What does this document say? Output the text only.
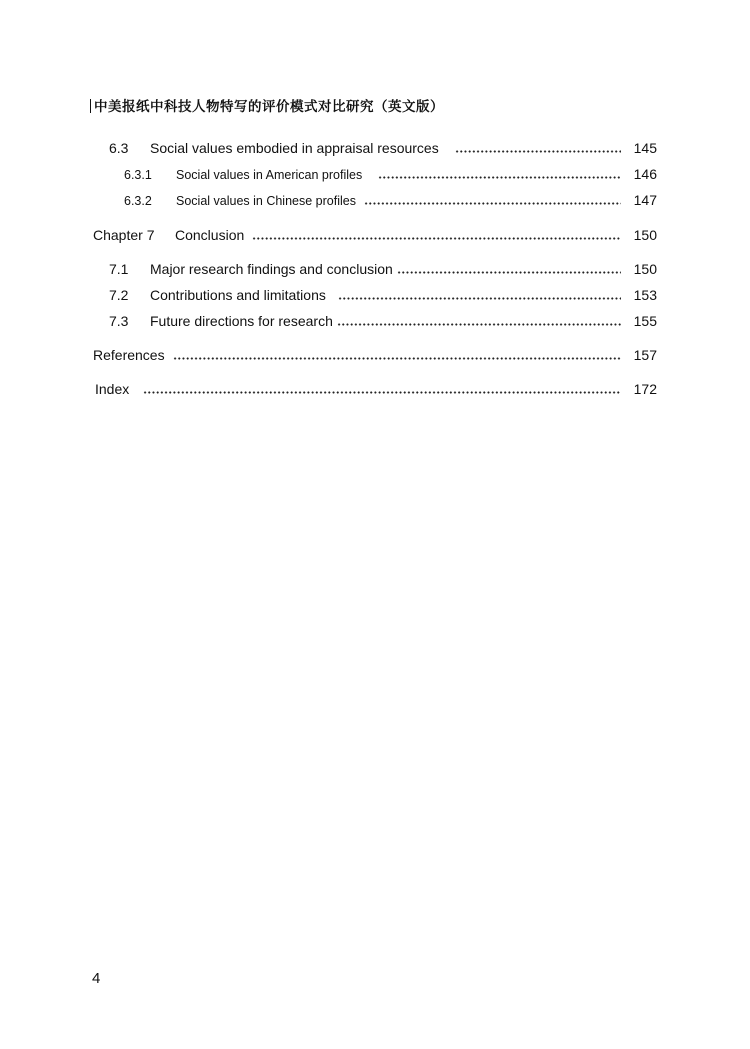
中美报纸中科技人物特写的评价模式对比研究（英文版）
6.3	Social values embodied in appraisal resources	145
6.3.1	Social values in American profiles	146
6.3.2	Social values in Chinese profiles	147
Chapter 7	Conclusion	150
7.1	Major research findings and conclusion	150
7.2	Contributions and limitations	153
7.3	Future directions for research	155
References	157
Index	172
4
